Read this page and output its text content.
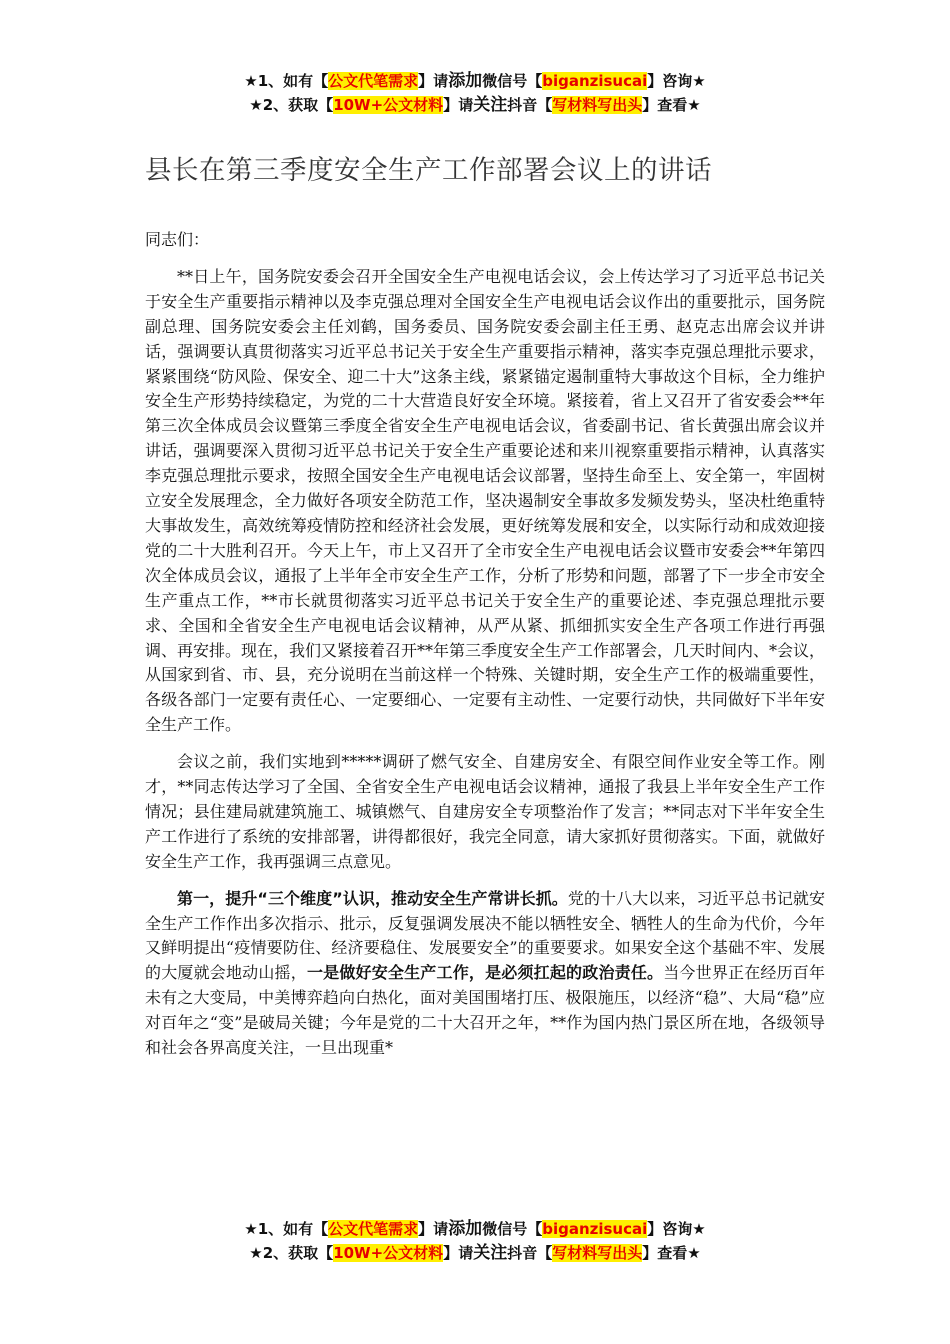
★1、如有【公文代笔需求】请添加微信号【biganzisucai】咨询★
★2、获取【10W+公文材料】请关注抖音【写材料写出头】查看★
县长在第三季度安全生产工作部署会议上的讲话

同志们：

**日上午，国务院安委会召开全国安全生产电视电话会议，会上传达学习了习近平总书记关于安全生产重要指示精神以及李克强总理对全国安全生产电视电话会议作出的重要批示，国务院副总理、国务院安委会主任刘鹤，国务委员、国务院安委会副主任王勇、赵克志出席会议并讲话，强调要认真贯彻落实习近平总书记关于安全生产重要指示精神，落实李克强总理批示要求，紧紧围绕“防风险、保安全、迎二十大”这条主线，紧紧锚定遏制重特大事故这个目标，全力维护安全生产形势持续稳定，为党的二十大营造良好安全环境。紧接着，省上又召开了省安委会**年第三次全体成员会议暨第三季度全省安全生产电视电话会议，省委副书记、省长黄强出席会议并讲话，强调要深入贯彻习近平总书记关于安全生产重要论述和来川视察重要指示精神，认真落实李克强总理批示要求，按照全国安全生产电视电话会议部署，坚持生命至上、安全第一，牢固树立安全发展理念，全力做好各项安全防范工作，坚决遏制安全事故多发频发势头，坚决杜绝重特大事故发生，高效统筹疫情防控和经济社会发展，更好统筹发展和安全，以实际行动和成效迎接党的二十大胜利召开。今天上午，市上又召开了全市安全生产电视电话会议暨市安委会**年第四次全体成员会议，通报了上半年全市安全生产工作，分析了形势和问题，部署了下一步全市安全生产重点工作，**市长就贯彻落实习近平总书记关于安全生产的重要论述、李克强总理批示要求、全国和全省安全生产电视电话会议精神，从严从紧、抓细抓实安全生产各项工作进行再强调、再安排。现在，我们又紧接着召开**年第三季度安全生产工作部署会，几天时间内、*会议，从国家到省、市、县，充分说明在当前这样一个特殊、关键时期，安全生产工作的极端重要性，各级各部门一定要有责任心、一定要细心、一定要有主动性、一定要行动快，共同做好下半年安全生产工作。

会议之前，我们实地到*****调研了燃气安全、自建房安全、有限空间作业安全等工作。刚才，**同志传达学习了全国、全省安全生产电视电话会议精神，通报了我县上半年安全生产工作情况；县住建局就建筑施工、城镇燃气、自建房安全专项整治作了发言；**同志对下半年安全生产工作进行了系统的安排部署，讲得都很好，我完全同意，请大家抓好贯彻落实。下面，就做好安全生产工作，我再强调三点意见。

第一，提升“三个维度”认识，推动安全生产常讲长抓。党的十八大以来，习近平总书记就安全生产工作作出多次指示、批示，反复强调发展决不能以牺牲安全、牺牲人的生命为代价，今年又鲜明提出“疫情要防住、经济要稳住、发展要安全”的重要要求。如果安全这个基础不牢、发展的大厦就会地动山摇，一是做好安全生产工作，是必须扛起的政治责任。当今世界正在经历百年未有之大变局，中美博弈趋向白热化，面对美国围堵打压、极限施压，以经济“稳”、大局“稳”应对百年之“变”是破局关键；今年是党的二十大召开之年，**作为国内热门景区所在地，各级领导和社会各界高度关注，一旦出现重*

★1、如有【公文代笔需求】请添加微信号【biganzisucai】咨询★
★2、获取【10W+公文材料】请关注抖音【写材料写出头】查看★
